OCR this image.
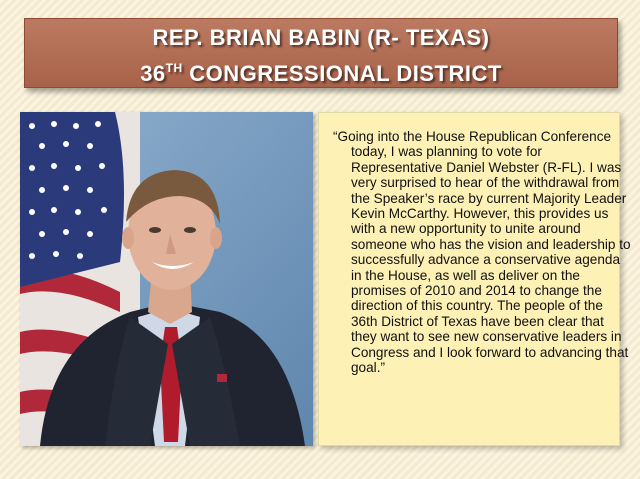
REP. BRIAN BABIN (R- TEXAS)
36TH CONGRESSIONAL DISTRICT
“Going into the House Republican Conference today, I was planning to vote for Representative Daniel Webster (R-FL). I was very surprised to hear of the withdrawal from the Speaker’s race by current Majority Leader Kevin McCarthy. However, this provides us with a new opportunity to unite around someone who has the vision and leadership to successfully advance a conservative agenda in the House, as well as deliver on the promises of 2010 and 2014 to change the direction of this country. The people of the 36th District of Texas have been clear that they want to see new conservative leaders in Congress and I look forward to advancing that goal.”
